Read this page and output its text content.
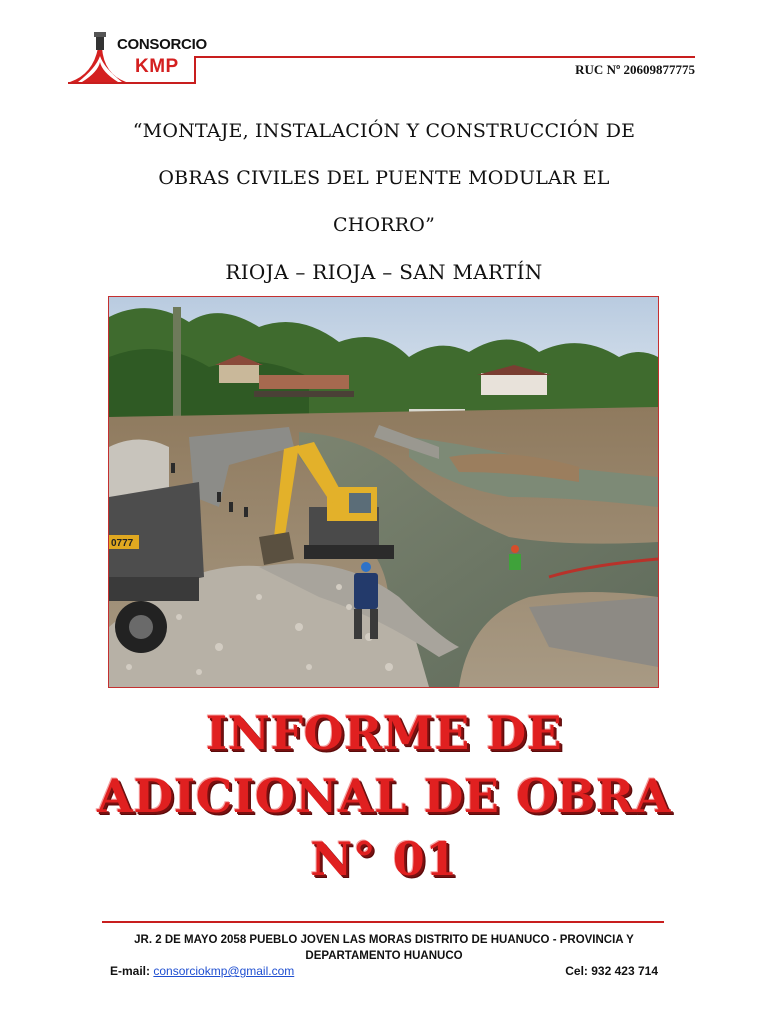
CONSORCIO
KMP	RUC Nº 20609877775
“MONTAJE, INSTALACIÓN Y CONSTRUCCIÓN DE
OBRAS CIVILES DEL PUENTE MODULAR EL
CHORRO”
RIOJA – RIOJA – SAN MARTÍN
0777
INFORME DE
ADICIONAL DE OBRA
N° 01
JR. 2 DE MAYO 2058 PUEBLO JOVEN LAS MORAS DISTRITO DE HUANUCO - PROVINCIA Y DEPARTAMENTO HUANUCO
E-mail: consorciokmp@gmail.com	Cel: 932 423 714
